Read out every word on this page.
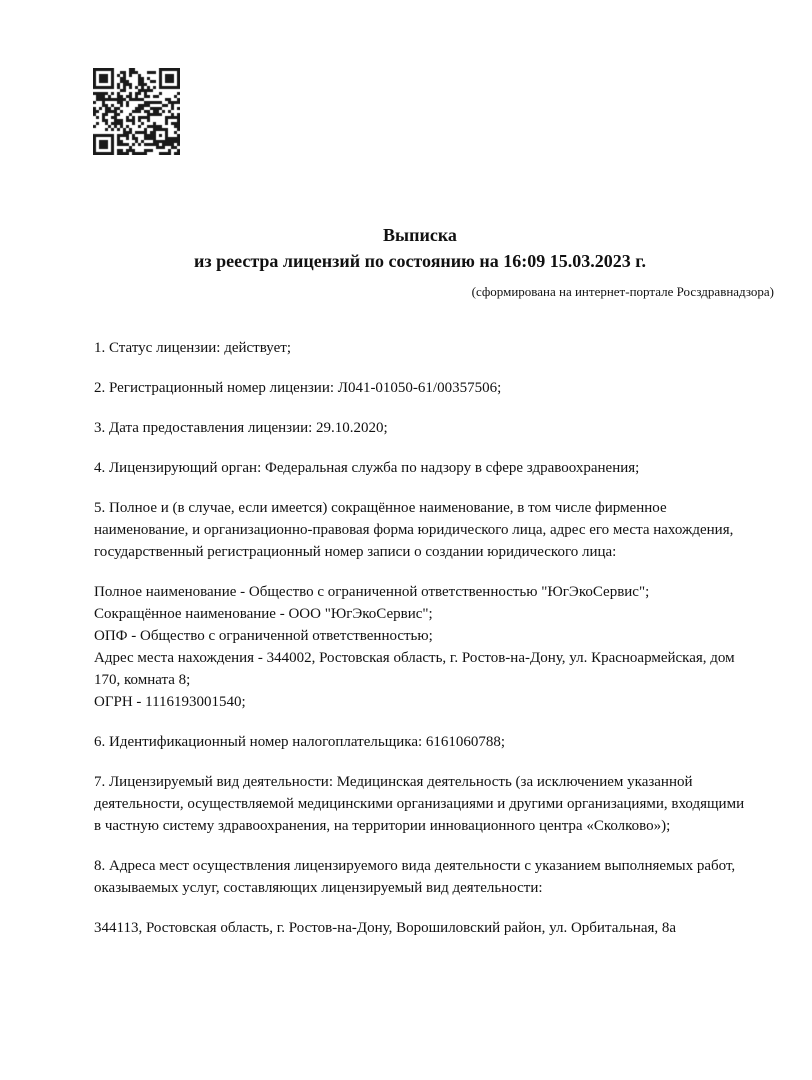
Выписка
из реестра лицензий по состоянию на 16:09 15.03.2023 г.
(сформирована на интернет-портале Росздравнадзора)

1. Статус лицензии: действует;

2. Регистрационный номер лицензии: Л041-01050-61/00357506;

3. Дата предоставления лицензии: 29.10.2020;

4. Лицензирующий орган: Федеральная служба по надзору в сфере здравоохранения;

5. Полное и (в случае, если имеется) сокращённое наименование, в том числе фирменное наименование, и организационно-правовая форма юридического лица, адрес его места нахождения, государственный регистрационный номер записи о создании юридического лица:

Полное наименование - Общество с ограниченной ответственностью "ЮгЭкоСервис";

Сокращённое наименование - ООО "ЮгЭкоСервис";

ОПФ - Общество с ограниченной ответственностью;

Адрес места нахождения - 344002, Ростовская область, г. Ростов-на-Дону, ул. Красноармейская, дом 170, комната 8;

ОГРН - 1116193001540;

6. Идентификационный номер налогоплательщика: 6161060788;

7. Лицензируемый вид деятельности: Медицинская деятельность (за исключением указанной деятельности, осуществляемой медицинскими организациями и другими организациями, входящими в частную систему здравоохранения, на территории инновационного центра «Сколково»);

8. Адреса мест осуществления лицензируемого вида деятельности с указанием выполняемых работ, оказываемых услуг, составляющих лицензируемый вид деятельности:

344113, Ростовская область, г. Ростов-на-Дону, Ворошиловский район, ул. Орбитальная, 8а
